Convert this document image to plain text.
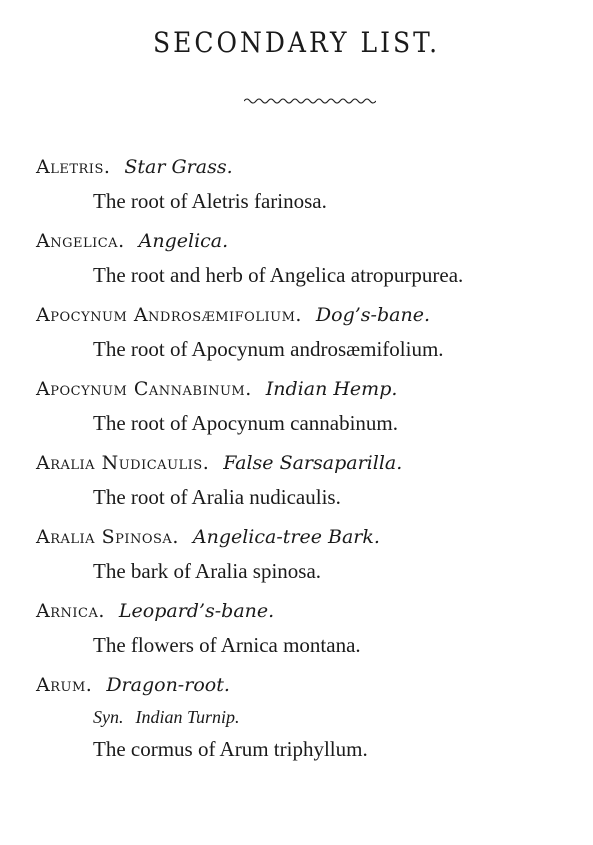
SECONDARY LIST.
Aletris. Star Grass.
The root of Aletris farinosa.
Angelica. Angelica.
The root and herb of Angelica atropurpurea.
Apocynum Androsæmifolium. Dog’s-bane.
The root of Apocynum androsæmifolium.
Apocynum Cannabinum. Indian Hemp.
The root of Apocynum cannabinum.
Aralia Nudicaulis. False Sarsaparilla.
The root of Aralia nudicaulis.
Aralia Spinosa. Angelica-tree Bark.
The bark of Aralia spinosa.
Arnica. Leopard’s-bane.
The flowers of Arnica montana.
Arum. Dragon-root.
Syn. Indian Turnip.
The cormus of Arum triphyllum.
